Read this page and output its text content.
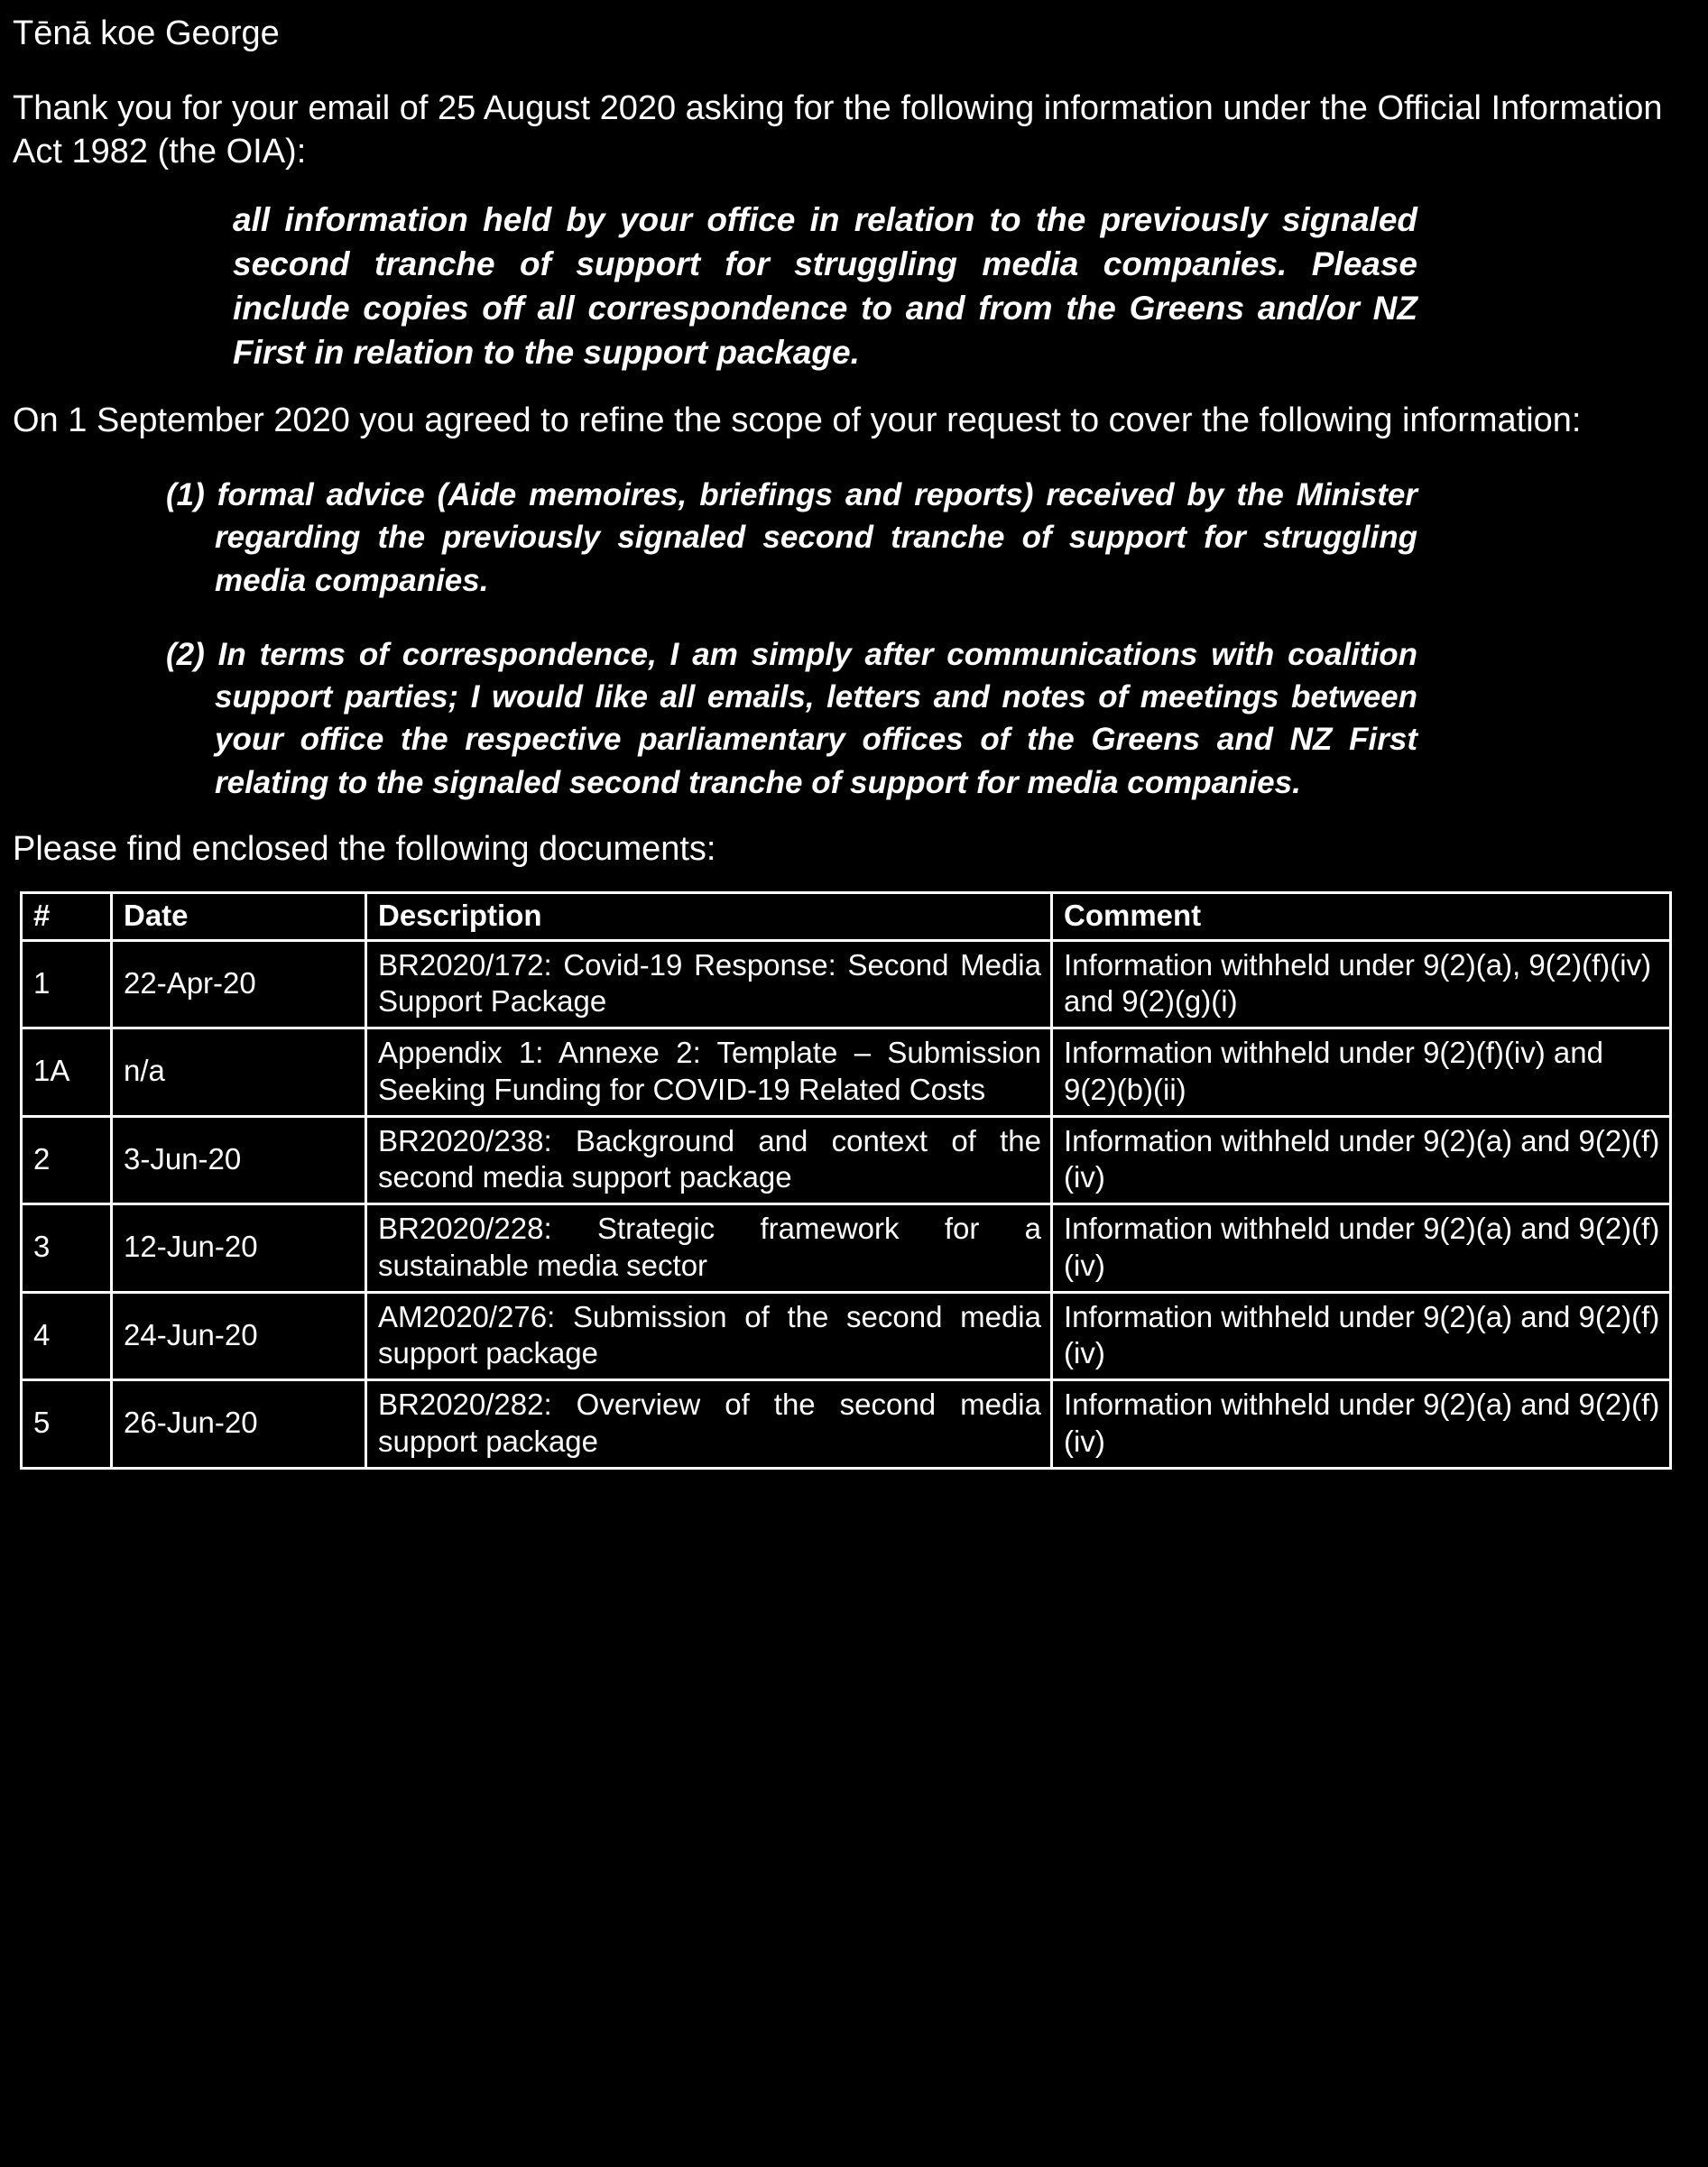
Tēnā koe George

Thank you for your email of 25 August 2020 asking for the following information under the Official Information Act 1982 (the OIA):

all information held by your office in relation to the previously signaled second tranche of support for struggling media companies. Please include copies off all correspondence to and from the Greens and/or NZ First in relation to the support package.

On 1 September 2020 you agreed to refine the scope of your request to cover the following information:

(1) formal advice (Aide memoires, briefings and reports) received by the Minister regarding the previously signaled second tranche of support for struggling media companies.

(2) In terms of correspondence, I am simply after communications with coalition support parties; I would like all emails, letters and notes of meetings between your office the respective parliamentary offices of the Greens and NZ First relating to the signaled second tranche of support for media companies.

Please find enclosed the following documents:

#	Date	Description	Comment
1	22-Apr-20	BR2020/172: Covid-19 Response: Second Media Support Package	Information withheld under 9(2)(a), 9(2)(f)(iv) and 9(2)(g)(i)
1A	n/a	Appendix 1: Annexe 2: Template – Submission Seeking Funding for COVID-19 Related Costs	Information withheld under 9(2)(f)(iv) and 9(2)(b)(ii)
2	3-Jun-20	BR2020/238: Background and context of the second media support package	Information withheld under 9(2)(a) and 9(2)(f)(iv)
3	12-Jun-20	BR2020/228: Strategic framework for a sustainable media sector	Information withheld under 9(2)(a) and 9(2)(f)(iv)
4	24-Jun-20	AM2020/276: Submission of the second media support package	Information withheld under 9(2)(a) and 9(2)(f)(iv)
5	26-Jun-20	BR2020/282: Overview of the second media support package	Information withheld under 9(2)(a) and 9(2)(f)(iv)
